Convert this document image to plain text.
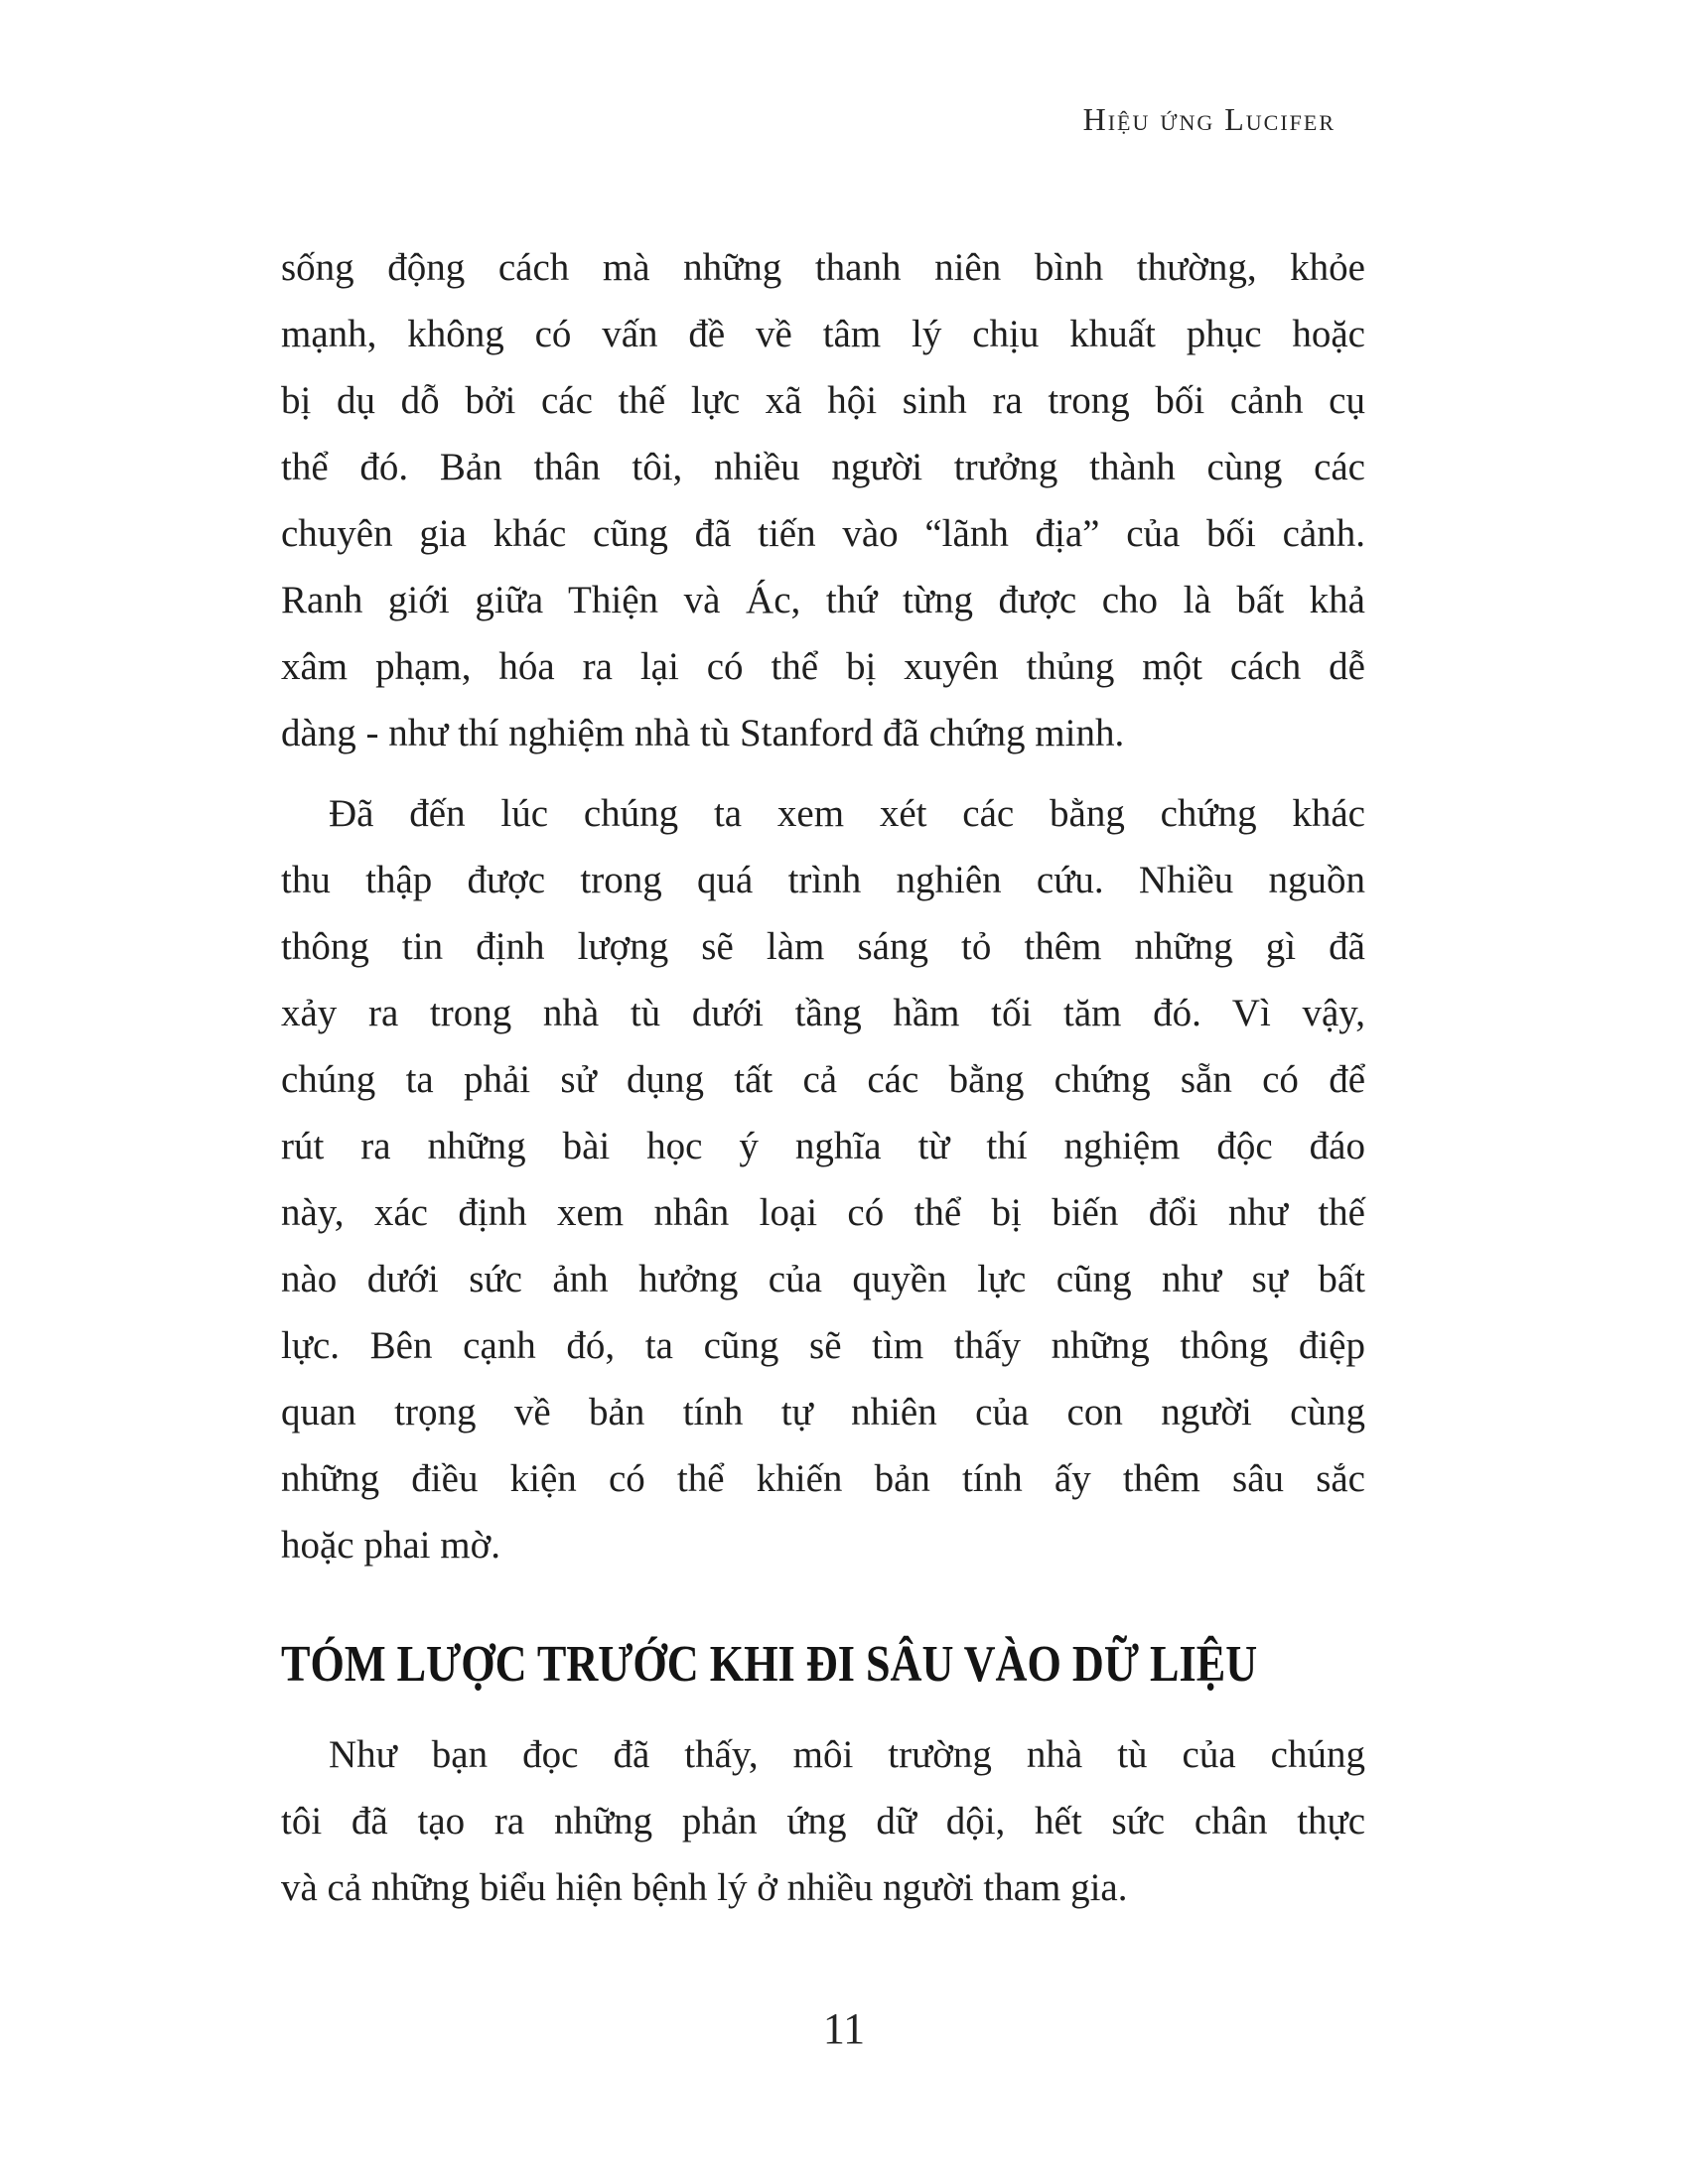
Hiệu ứng Lucifer
sống động cách mà những thanh niên bình thường, khỏe
mạnh, không có vấn đề về tâm lý chịu khuất phục hoặc
bị dụ dỗ bởi các thế lực xã hội sinh ra trong bối cảnh cụ
thể đó. Bản thân tôi, nhiều người trưởng thành cùng các
chuyên gia khác cũng đã tiến vào “lãnh địa” của bối cảnh.
Ranh giới giữa Thiện và Ác, thứ từng được cho là bất khả
xâm phạm, hóa ra lại có thể bị xuyên thủng một cách dễ
dàng - như thí nghiệm nhà tù Stanford đã chứng minh.
Đã đến lúc chúng ta xem xét các bằng chứng khác
thu thập được trong quá trình nghiên cứu. Nhiều nguồn
thông tin định lượng sẽ làm sáng tỏ thêm những gì đã
xảy ra trong nhà tù dưới tầng hầm tối tăm đó. Vì vậy,
chúng ta phải sử dụng tất cả các bằng chứng sẵn có để
rút ra những bài học ý nghĩa từ thí nghiệm độc đáo
này, xác định xem nhân loại có thể bị biến đổi như thế
nào dưới sức ảnh hưởng của quyền lực cũng như sự bất
lực. Bên cạnh đó, ta cũng sẽ tìm thấy những thông điệp
quan trọng về bản tính tự nhiên của con người cùng
những điều kiện có thể khiến bản tính ấy thêm sâu sắc
hoặc phai mờ.
TÓM LƯỢC TRƯỚC KHI ĐI SÂU VÀO DỮ LIỆU
Như bạn đọc đã thấy, môi trường nhà tù của chúng
tôi đã tạo ra những phản ứng dữ dội, hết sức chân thực
và cả những biểu hiện bệnh lý ở nhiều người tham gia.
11
